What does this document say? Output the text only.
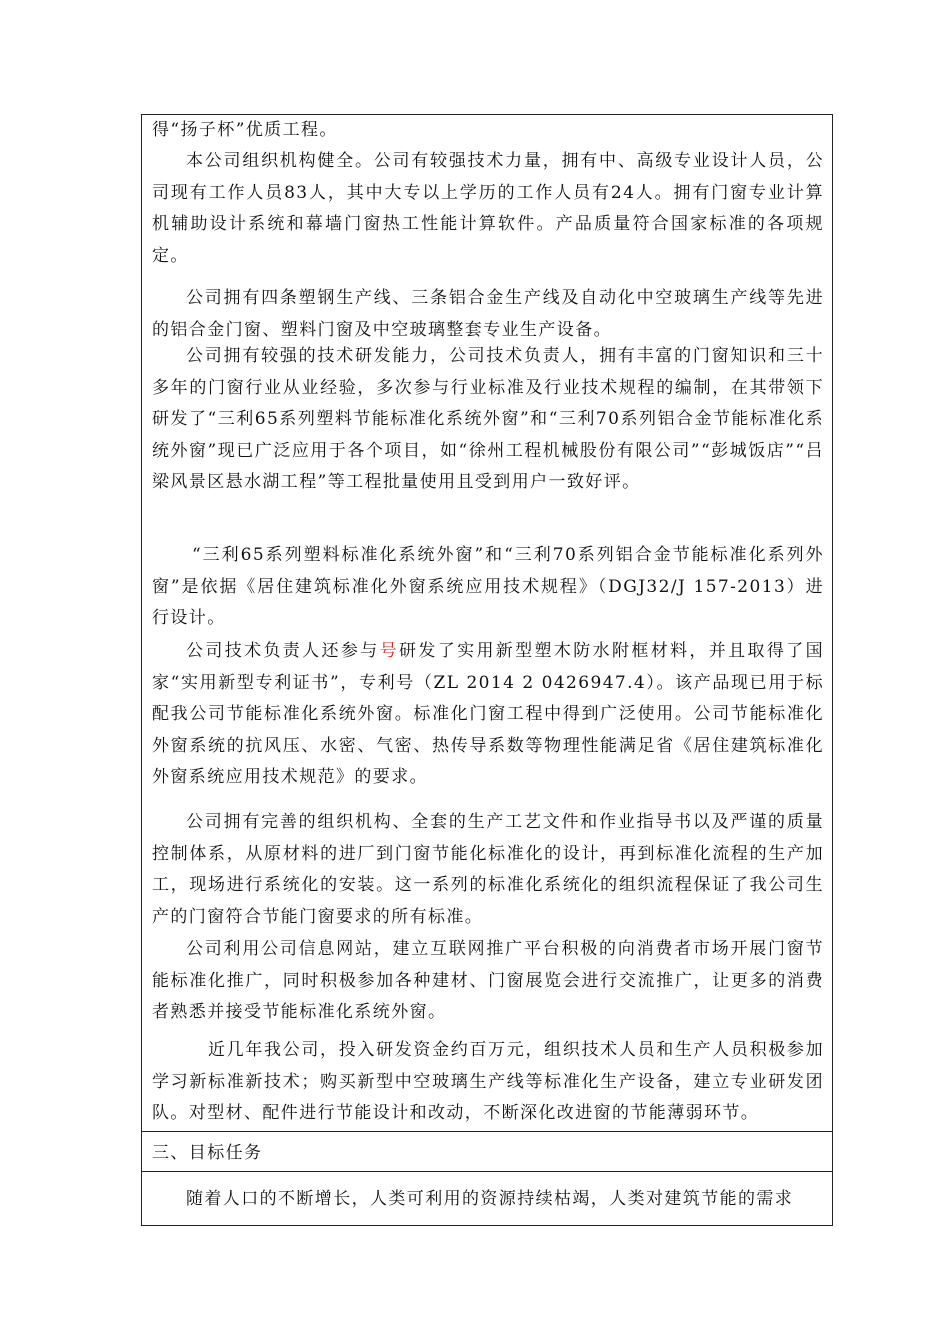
得“扬子杯”优质工程。

本公司组织机构健全。公司有较强技术力量，拥有中、高级专业设计人员，公司现有工作人员83人，其中大专以上学历的工作人员有24人。拥有门窗专业计算机辅助设计系统和幕墙门窗热工性能计算软件。产品质量符合国家标准的各项规定。

公司拥有四条塑钢生产线、三条铝合金生产线及自动化中空玻璃生产线等先进的铝合金门窗、塑料门窗及中空玻璃整套专业生产设备。

公司拥有较强的技术研发能力，公司技术负责人，拥有丰富的门窗知识和三十多年的门窗行业从业经验，多次参与行业标准及行业技术规程的编制，在其带领下研发了“三利65系列塑料节能标准化系统外窗”和“三利70系列铝合金节能标准化系统外窗”现已广泛应用于各个项目，如“徐州工程机械股份有限公司”“彭城饭店”“吕梁风景区悬水湖工程”等工程批量使用且受到用户一致好评。

“三利65系列塑料标准化系统外窗”和“三利70系列铝合金节能标准化系列外窗”是依据《居住建筑标准化外窗系统应用技术规程》（DGJ32/J 157-2013）进行设计。

公司技术负责人还参与号研发了实用新型塑木防水附框材料，并且取得了国家“实用新型专利证书”，专利号（ZL 2014 2 0426947.4）。该产品现已用于标配我公司节能标准化系统外窗。标准化门窗工程中得到广泛使用。公司节能标准化外窗系统的抗风压、水密、气密、热传导系数等物理性能满足省《居住建筑标准化外窗系统应用技术规范》的要求。

公司拥有完善的组织机构、全套的生产工艺文件和作业指导书以及严谨的质量控制体系，从原材料的进厂到门窗节能化标准化的设计，再到标准化流程的生产加工，现场进行系统化的安装。这一系列的标准化系统化的组织流程保证了我公司生产的门窗符合节能门窗要求的所有标准。

公司利用公司信息网站，建立互联网推广平台积极的向消费者市场开展门窗节能标准化推广，同时积极参加各种建材、门窗展览会进行交流推广，让更多的消费者熟悉并接受节能标准化系统外窗。

近几年我公司，投入研发资金约百万元，组织技术人员和生产人员积极参加学习新标准新技术；购买新型中空玻璃生产线等标准化生产设备，建立专业研发团队。对型材、配件进行节能设计和改动，不断深化改进窗的节能薄弱环节。

三、目标任务

随着人口的不断增长，人类可利用的资源持续枯竭，人类对建筑节能的需求
